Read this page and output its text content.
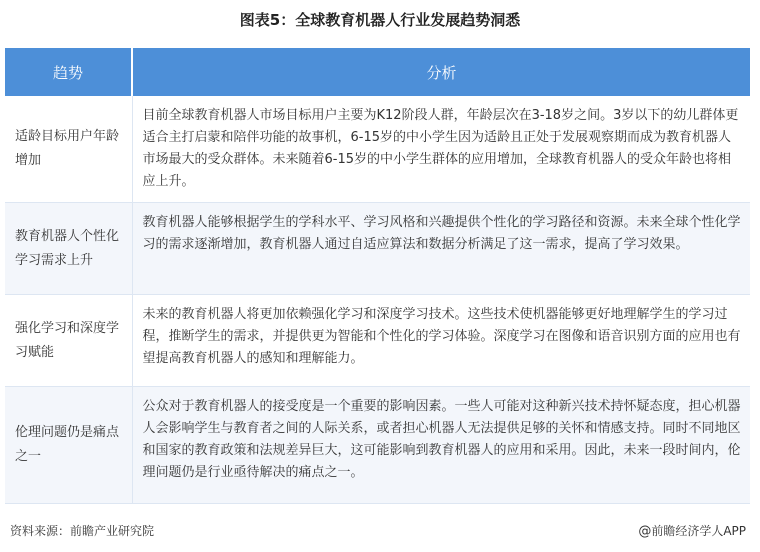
图表5：全球教育机器人行业发展趋势洞悉
趋势	分析
适龄目标用户年龄增加	目前全球教育机器人市场目标用户主要为K12阶段人群，年龄层次在3-18岁之间。3岁以下的幼儿群体更适合主打启蒙和陪伴功能的故事机，6-15岁的中小学生因为适龄且正处于发展观察期而成为教育机器人市场最大的受众群体。未来随着6-15岁的中小学生群体的应用增加，全球教育机器人的受众年龄也将相应上升。
教育机器人个性化学习需求上升	教育机器人能够根据学生的学科水平、学习风格和兴趣提供个性化的学习路径和资源。未来全球个性化学习的需求逐渐增加，教育机器人通过自适应算法和数据分析满足了这一需求，提高了学习效果。
强化学习和深度学习赋能	未来的教育机器人将更加依赖强化学习和深度学习技术。这些技术使机器能够更好地理解学生的学习过程，推断学生的需求，并提供更为智能和个性化的学习体验。深度学习在图像和语音识别方面的应用也有望提高教育机器人的感知和理解能力。
伦理问题仍是痛点之一	公众对于教育机器人的接受度是一个重要的影响因素。一些人可能对这种新兴技术持怀疑态度，担心机器人会影响学生与教育者之间的人际关系，或者担心机器人无法提供足够的关怀和情感支持。同时不同地区和国家的教育政策和法规差异巨大，这可能影响到教育机器人的应用和采用。因此，未来一段时间内，伦理问题仍是行业亟待解决的痛点之一。
资料来源：前瞻产业研究院	@前瞻经济学人APP
